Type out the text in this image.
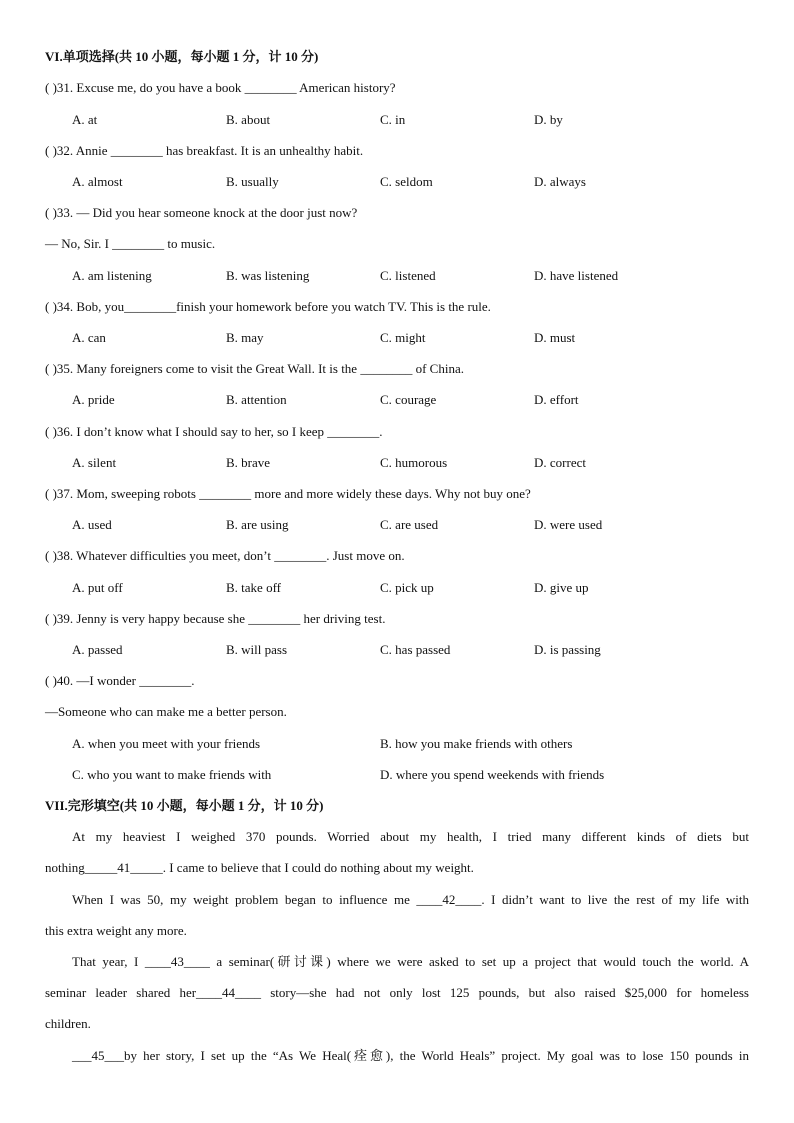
VI.单项选择(共 10 小题，每小题 1 分，计 10 分)
( )31. Excuse me, do you have a book ________ American history?
A. at	B. about	C. in	D. by
( )32. Annie ________ has breakfast. It is an unhealthy habit.
A. almost	B. usually	C. seldom	D. always
( )33. — Did you hear someone knock at the door just now?
— No, Sir. I ________ to music.
A. am listening	B. was listening	C. listened	D. have listened
( )34. Bob, you________finish your homework before you watch TV. This is the rule.
A. can	B. may	C. might	D. must
( )35. Many foreigners come to visit the Great Wall. It is the ________ of China.
A. pride	B. attention	C. courage	D. effort
( )36. I don’t know what I should say to her, so I keep ________.
A. silent	B. brave	C. humorous	D. correct
( )37. Mom, sweeping robots ________ more and more widely these days. Why not buy one?
A. used	B. are using	C. are used	D. were used
( )38. Whatever difficulties you meet, don’t ________. Just move on.
A. put off	B. take off	C. pick up	D. give up
( )39. Jenny is very happy because she ________ her driving test.
A. passed	B. will pass	C. has passed	D. is passing
( )40. —I wonder ________.
—Someone who can make me a better person.
A. when you meet with your friends	B. how you make friends with others
C. who you want to make friends with	D. where you spend weekends with friends
VII.完形填空(共 10 小题，每小题 1 分，计 10 分)
At my heaviest I weighed 370 pounds. Worried about my health, I tried many different kinds of diets but
nothing_____41_____. I came to believe that I could do nothing about my weight.
When I was 50, my weight problem began to influence me ____42____. I didn’t want to live the rest of my life with
this extra weight any more.
That year, I ____43____ a seminar(研讨课) where we were asked to set up a project that would touch the world. A
seminar leader shared her____44____ story—she had not only lost 125 pounds, but also raised $25,000 for homeless
children.
___45___by her story, I set up the “As We Heal(痊愈), the World Heals” project. My goal was to lose 150 pounds in
